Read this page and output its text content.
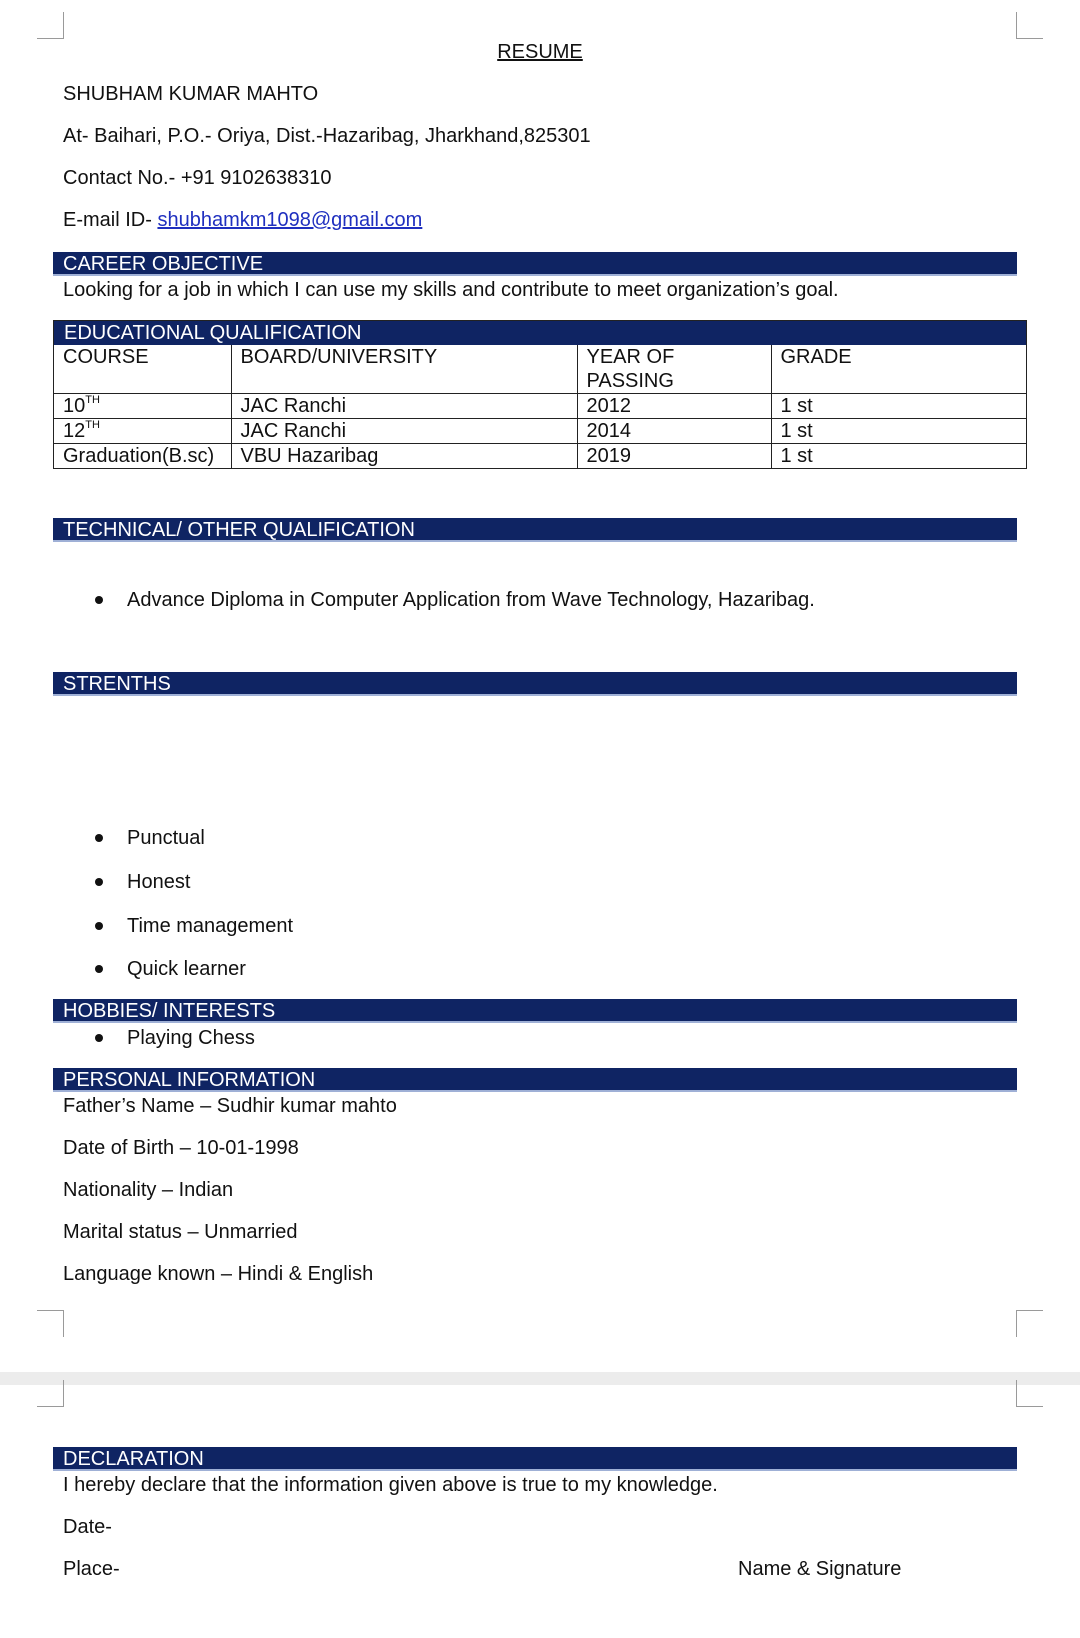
RESUME
SHUBHAM KUMAR MAHTO
At- Baihari, P.O.- Oriya, Dist.-Hazaribag, Jharkhand,825301
Contact No.- +91 9102638310
E-mail ID- shubhamkm1098@gmail.com
CAREER OBJECTIVE
Looking for a job in which I can use my skills and contribute to meet organization’s goal.
EDUCATIONAL QUALIFICATION
COURSE	BOARD/UNIVERSITY	YEAR OF PASSING	GRADE
10TH	JAC Ranchi	2012	1 st
12TH	JAC Ranchi	2014	1 st
Graduation(B.sc)	VBU Hazaribag	2019	1 st
TECHNICAL/ OTHER QUALIFICATION
Advance Diploma in Computer Application from Wave Technology, Hazaribag.
STRENTHS
Punctual
Honest
Time management
Quick learner
HOBBIES/ INTERESTS
Playing Chess
PERSONAL INFORMATION
Father’s Name – Sudhir kumar mahto
Date of Birth – 10-01-1998
Nationality – Indian
Marital status – Unmarried
Language known – Hindi & English
DECLARATION
I hereby declare that the information given above is true to my knowledge.
Date-
Place-	Name & Signature
